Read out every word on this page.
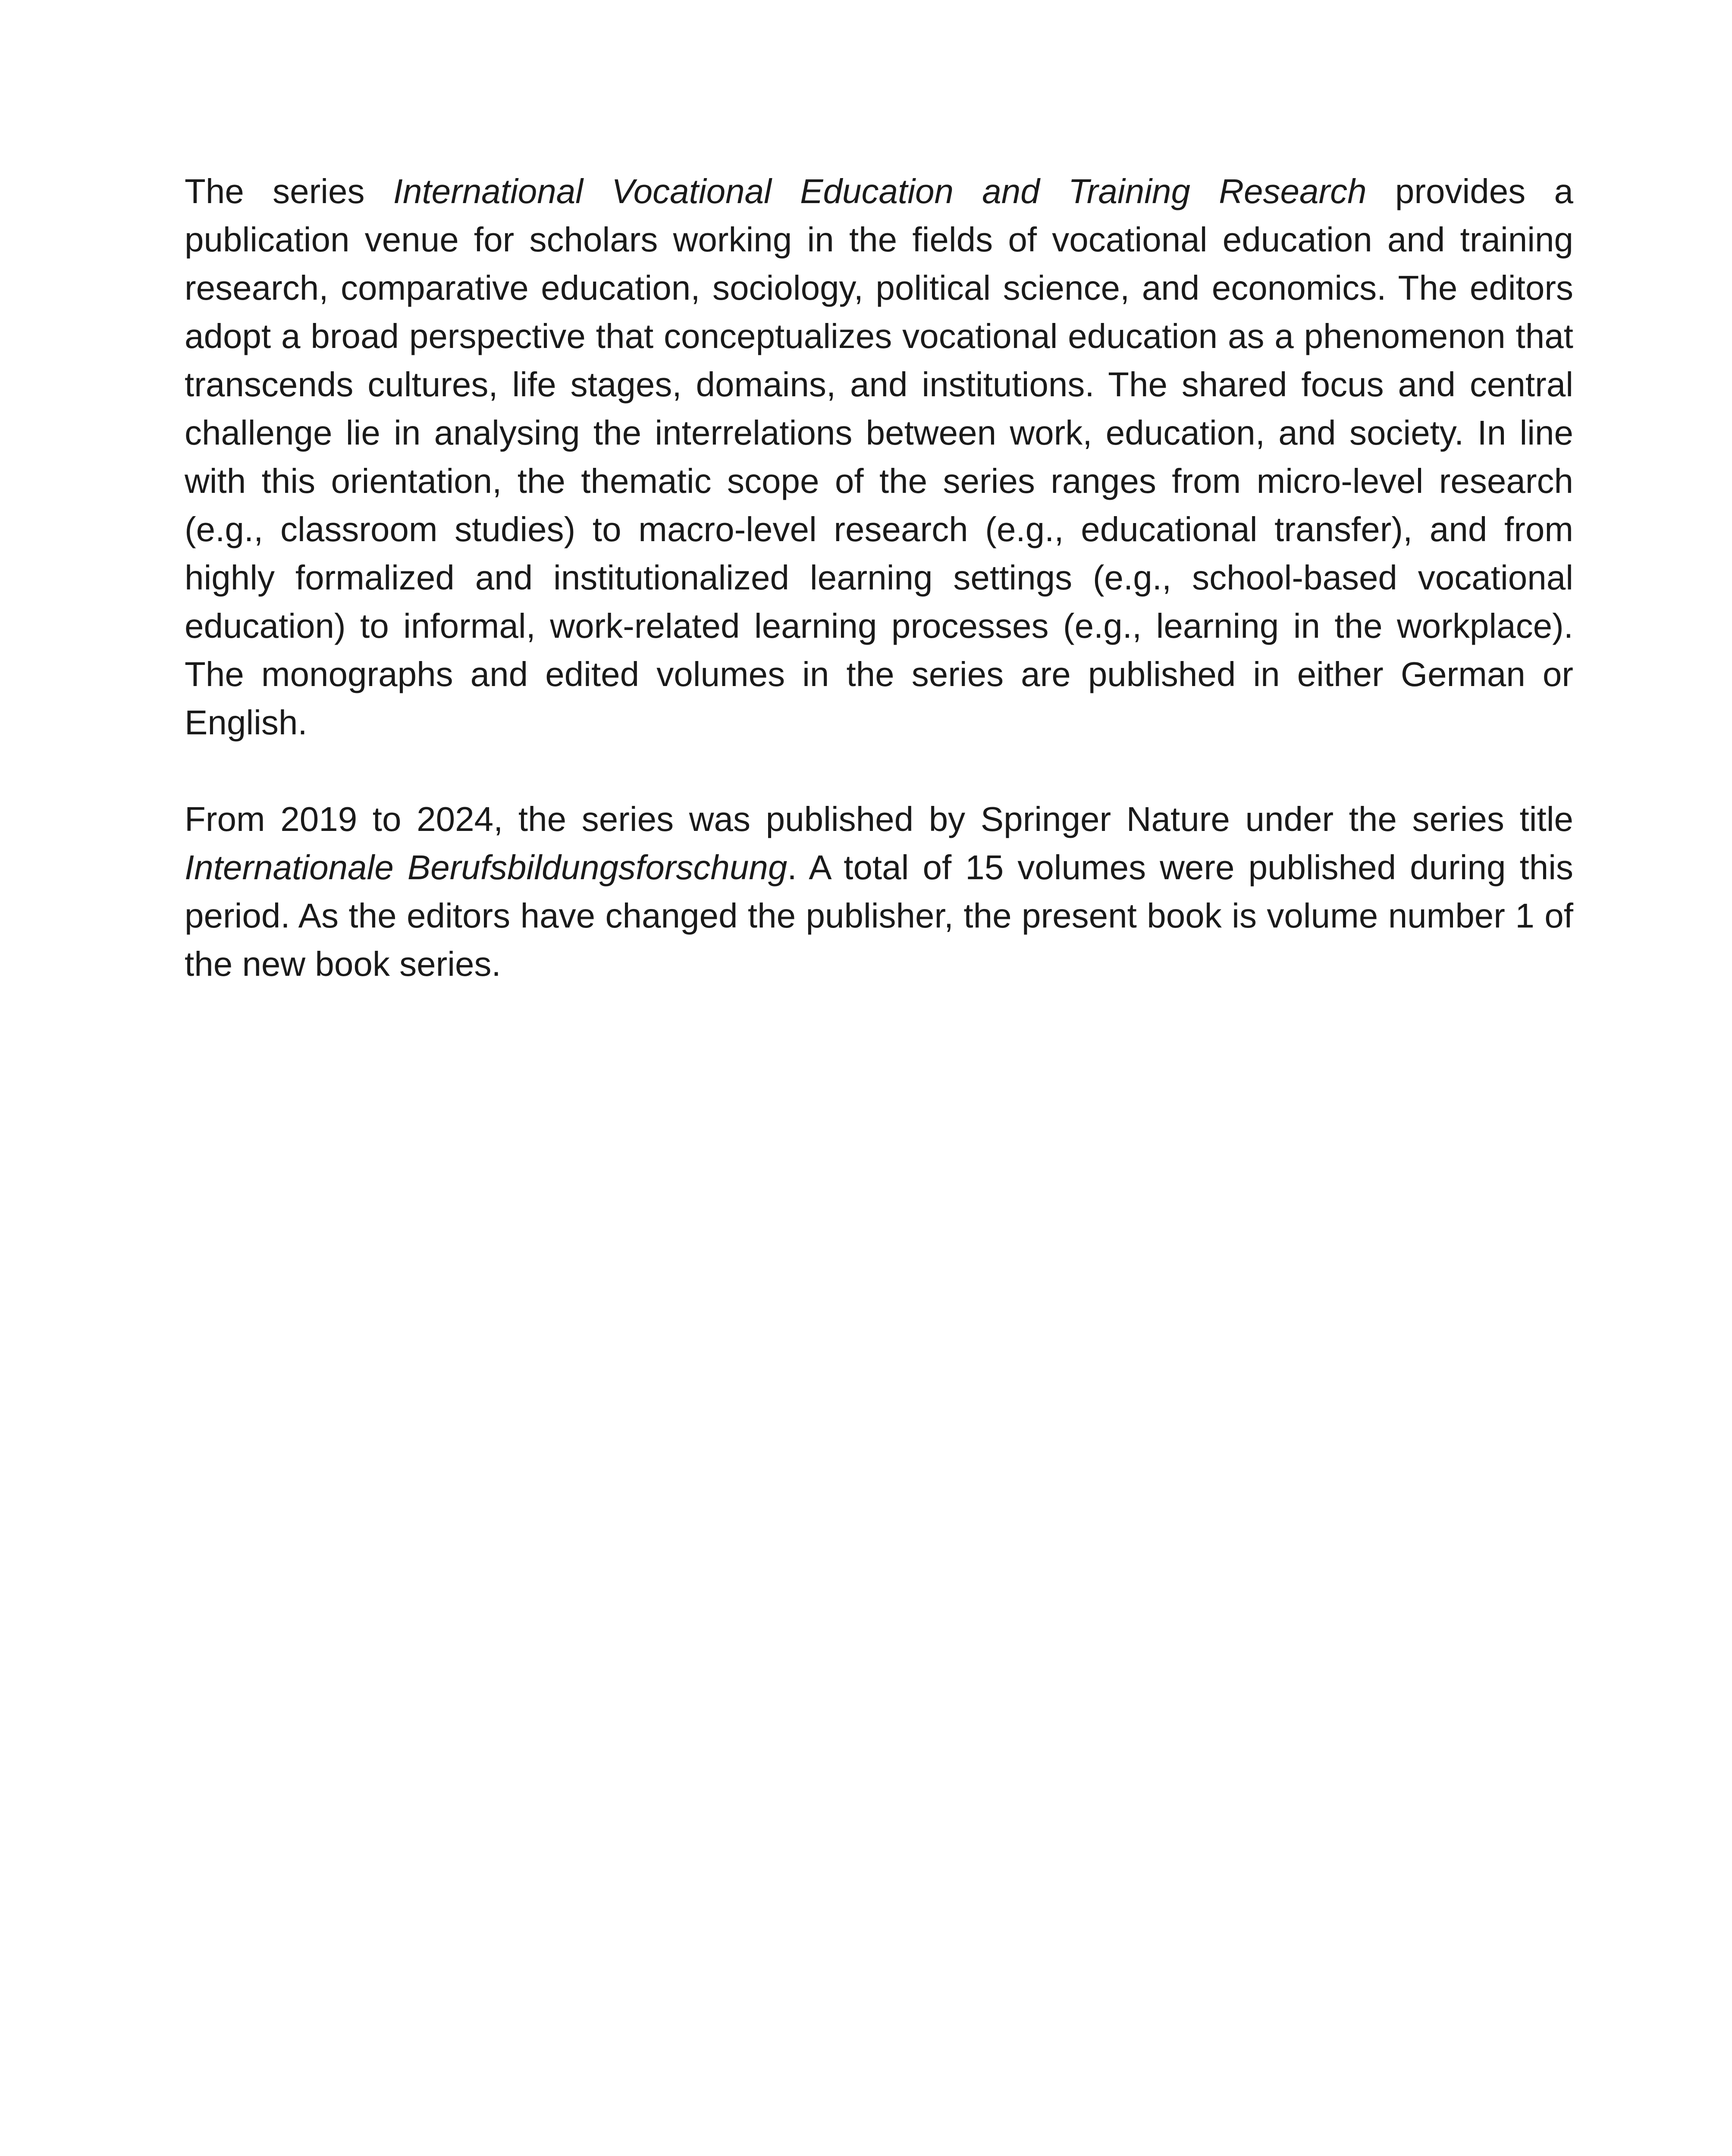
The series International Vocational Education and Training Research provides a publication venue for scholars working in the fields of vocational education and training research, comparative education, sociology, political science, and economics. The editors adopt a broad perspective that conceptualizes vocational education as a phenomenon that transcends cultures, life stages, domains, and institutions. The shared focus and central challenge lie in analysing the interrelations between work, education, and society. In line with this orientation, the thematic scope of the series ranges from micro-level research (e.g., classroom studies) to macro-level research (e.g., educational transfer), and from highly formalized and institutionalized learning settings (e.g., school-based vocational education) to informal, work-related learning processes (e.g., learning in the workplace). The monographs and edited volumes in the series are published in either German or English.

From 2019 to 2024, the series was published by Springer Nature under the series title Internationale Berufsbildungsforschung. A total of 15 volumes were published during this period. As the editors have changed the publisher, the present book is volume number 1 of the new book series.
